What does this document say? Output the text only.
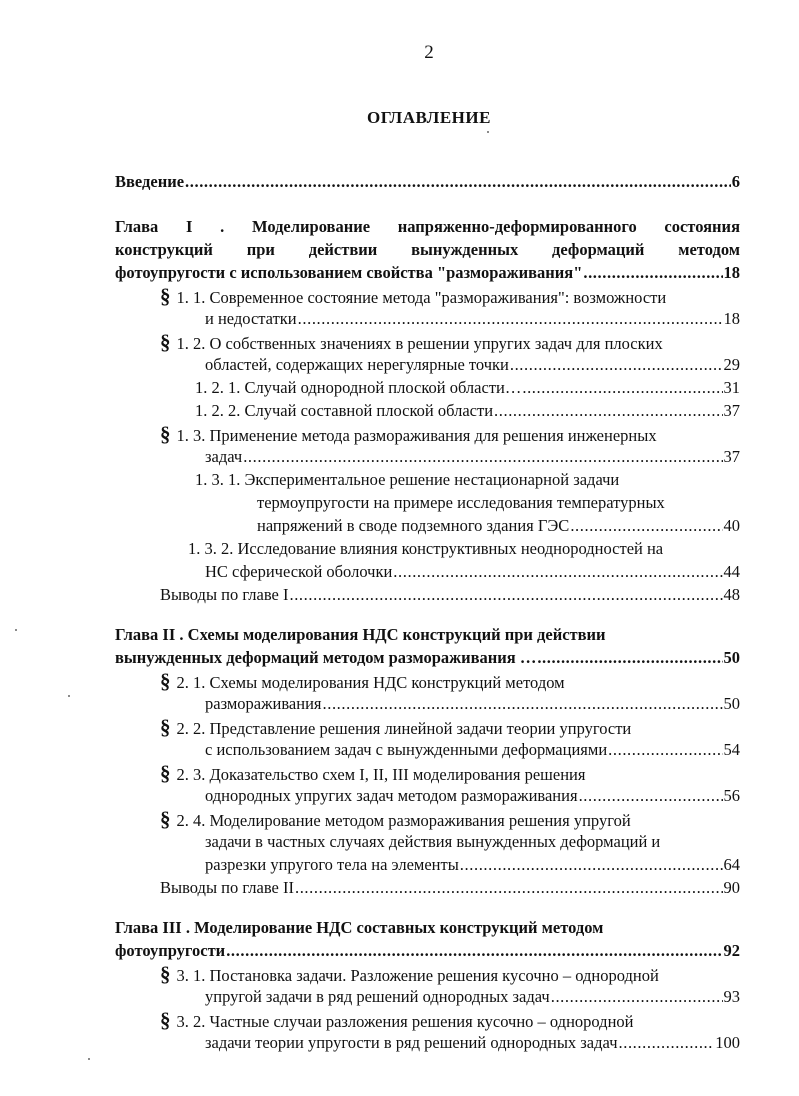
2
ОГЛАВЛЕНИЕ
Введение .....	6
Глава I . Моделирование напряженно-деформированного состояния
конструкций при действии вынужденных деформаций методом
фотоупругости с использованием свойства "размораживания" .....	18
§ 1. 1. Современное состояние метода "размораживания": возможности
и недостатки .....	18
§ 1. 2. О собственных значениях в решении упругих задач для плоских
областей, содержащих нерегулярные точки .....	29
1. 2. 1. Случай однородной плоской области… .....	31
1. 2. 2. Случай составной плоской области .....	37
§ 1. 3. Применение метода размораживания для решения инженерных
задач .....	37
1. 3. 1. Экспериментальное решение нестационарной задачи
термоупругости на примере исследования температурных
напряжений в своде подземного здания ГЭС .....	40
1. 3. 2. Исследование влияния конструктивных неоднородностей на
НС сферической оболочки .....	44
Выводы по главе I .....	48
Глава II . Схемы моделирования НДС конструкций при действии
вынужденных деформаций методом размораживания … .....	50
§ 2. 1. Схемы моделирования НДС конструкций методом
размораживания .....	50
§ 2. 2. Представление решения линейной задачи теории упругости
с использованием задач с вынужденными деформациями .....	54
§ 2. 3. Доказательство схем I, II, III моделирования решения
однородных упругих задач методом размораживания .....	56
§ 2. 4. Моделирование методом размораживания решения упругой
задачи в частных случаях действия вынужденных деформаций и
разрезки упругого тела на элементы .....	64
Выводы по главе II .....	90
Глава III . Моделирование НДС составных конструкций методом
фотоупругости .....	92
§ 3. 1. Постановка задачи. Разложение решения кусочно – однородной
упругой задачи в ряд решений однородных задач .....	93
§ 3. 2. Частные случаи разложения решения кусочно – однородной
задачи теории упругости в ряд решений однородных задач .....	100
